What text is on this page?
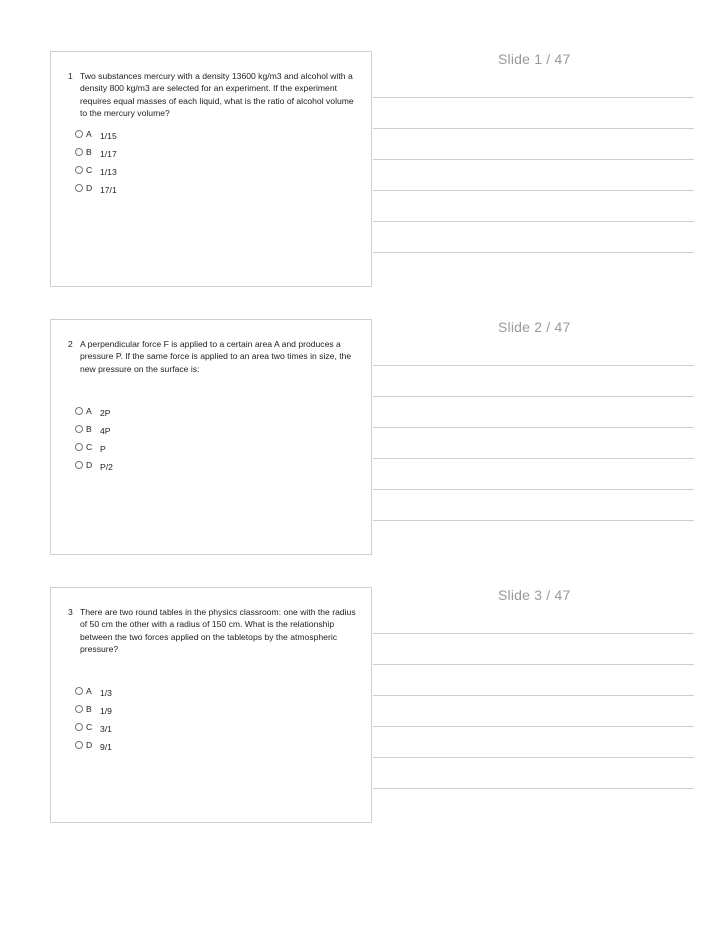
Slide 1 / 47
1 Two substances mercury with a density 13600 kg/m3 and alcohol with a density 800 kg/m3 are selected for an experiment. If the experiment requires equal masses of each liquid, what is the ratio of alcohol volume to the mercury volume?
A 1/15
B 1/17
C 1/13
D 17/1
Slide 2 / 47
2 A perpendicular force F is applied to a certain area A and produces a pressure P. If the same force is applied to an area two times in size, the new pressure on the surface is:
A 2P
B 4P
C P
D P/2
Slide 3 / 47
3 There are two round tables in the physics classroom: one with the radius of 50 cm the other with a radius of 150 cm. What is the relationship between the two forces applied on the tabletops by the atmospheric pressure?
A 1/3
B 1/9
C 3/1
D 9/1
